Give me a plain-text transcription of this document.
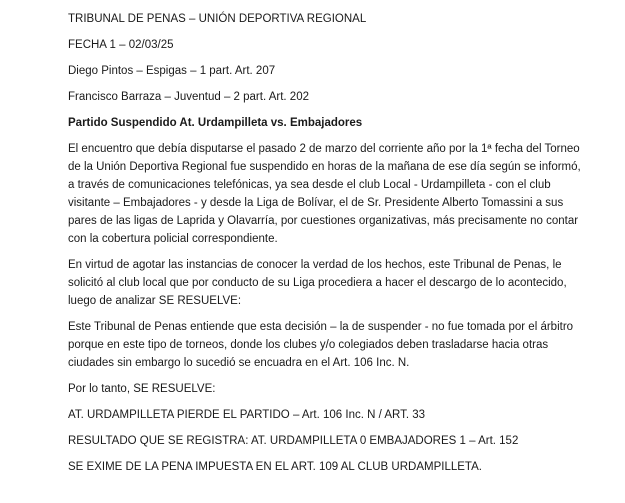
TRIBUNAL DE PENAS – UNIÓN DEPORTIVA REGIONAL
FECHA 1 – 02/03/25
Diego Pintos – Espigas – 1 part. Art. 207
Francisco Barraza – Juventud – 2 part. Art. 202
Partido Suspendido At. Urdampilleta vs. Embajadores
El encuentro que debía disputarse el pasado 2 de marzo del corriente año por la 1ª fecha del Torneo de la Unión Deportiva Regional fue suspendido en horas de la mañana de ese día según se informó, a través de comunicaciones telefónicas, ya sea desde el club Local - Urdampilleta - con el club visitante – Embajadores - y desde la Liga de Bolívar, el de Sr. Presidente Alberto Tomassini a sus pares de las ligas de Laprida y Olavarría, por cuestiones organizativas, más precisamente no contar con la cobertura policial correspondiente.
En virtud de agotar las instancias de conocer la verdad de los hechos, este Tribunal de Penas, le solicitó al club local que por conducto de su Liga procediera a hacer el descargo de lo acontecido, luego de analizar SE RESUELVE:
Este Tribunal de Penas entiende que esta decisión – la de suspender - no fue tomada por el árbitro porque en este tipo de torneos, donde los clubes y/o colegiados deben trasladarse hacia otras ciudades sin embargo lo sucedió se encuadra en el Art. 106 Inc. N.
Por lo tanto, SE RESUELVE:
AT. URDAMPILLETA PIERDE EL PARTIDO – Art. 106 Inc. N / ART. 33
RESULTADO QUE SE REGISTRA: AT. URDAMPILLETA 0 EMBAJADORES 1 – Art. 152
SE EXIME DE LA PENA IMPUESTA EN EL ART. 109 AL CLUB URDAMPILLETA.
